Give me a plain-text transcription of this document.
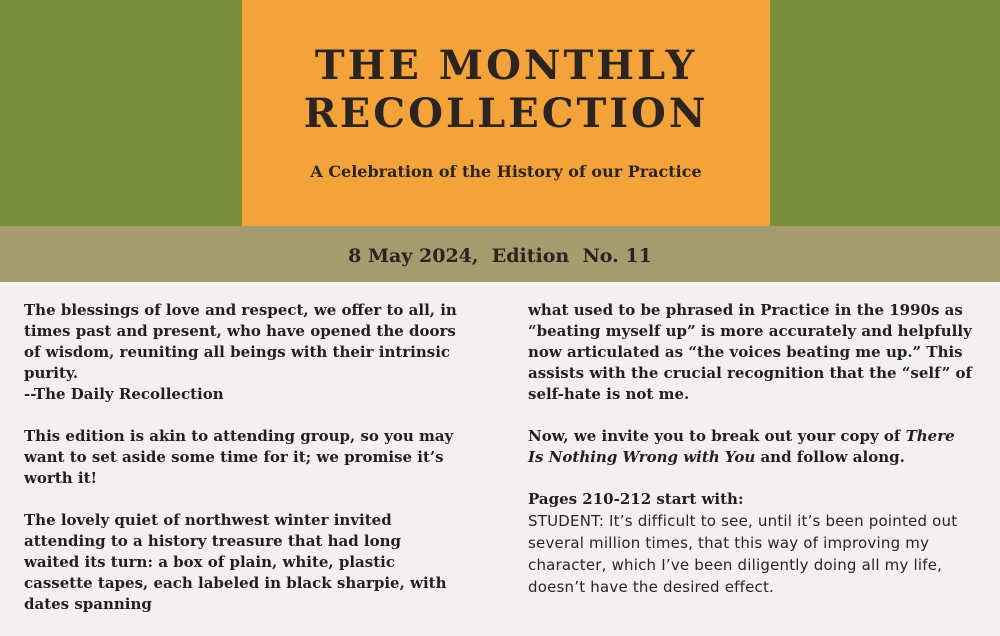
THE MONTHLY
RECOLLECTION
A Celebration of the History of our Practice
8 May 2024, Edition No. 11

The blessings of love and respect, we offer to all, in times past and present, who have opened the doors of wisdom, reuniting all beings with their intrinsic purity.
--The Daily Recollection

This edition is akin to attending group, so you may want to set aside some time for it; we promise it’s worth it!

The lovely quiet of northwest winter invited attending to a history treasure that had long waited its turn: a box of plain, white, plastic cassette tapes, each labeled in black sharpie, with dates spanning

what used to be phrased in Practice in the 1990s as “beating myself up” is more accurately and helpfully now articulated as “the voices beating me up.” This assists with the crucial recognition that the “self” of self-hate is not me.

Now, we invite you to break out your copy of There Is Nothing Wrong with You and follow along.

Pages 210-212 start with:
STUDENT: It’s difficult to see, until it’s been pointed out several million times, that this way of improving my character, which I’ve been diligently doing all my life, doesn’t have the desired effect.
